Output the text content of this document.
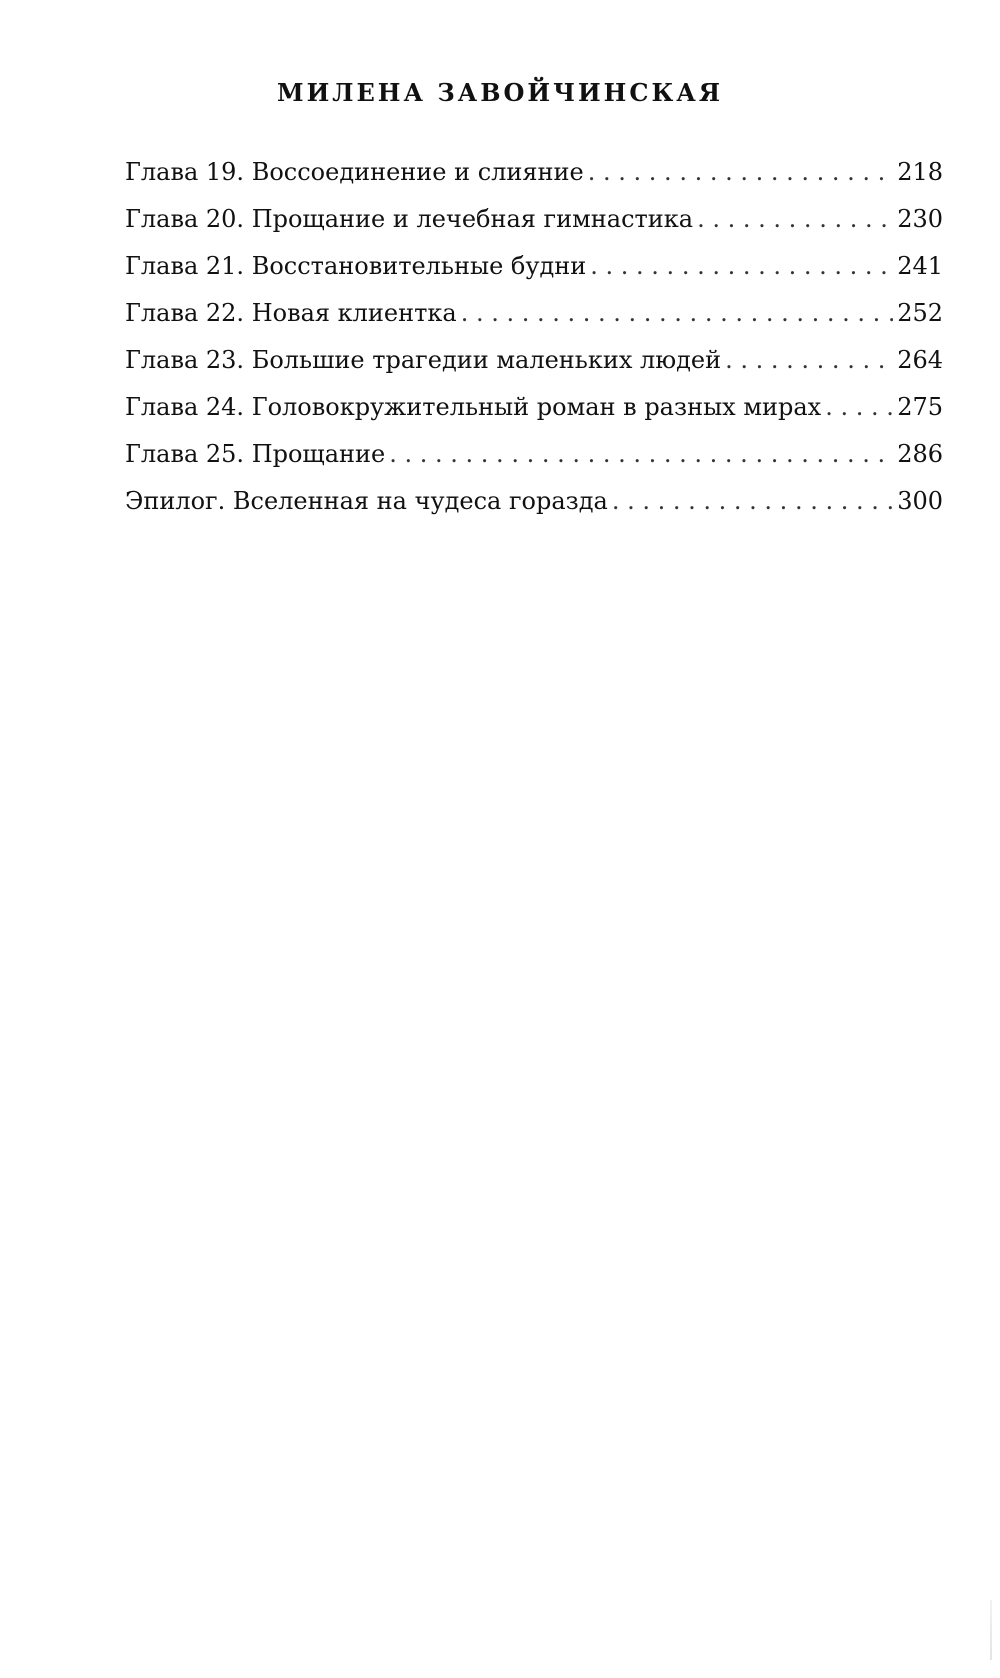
МИЛЕНА ЗАВОЙЧИНСКАЯ
Глава 19. Воссоединение и слияние . . .	218
Глава 20. Прощание и лечебная гимнастика . . .	230
Глава 21. Восстановительные будни . . .	241
Глава 22. Новая клиентка . . .	252
Глава 23. Большие трагедии маленьких людей . . .	264
Глава 24. Головокружительный роман в разных мирах . . .	275
Глава 25. Прощание . . .	286
Эпилог. Вселенная на чудеса горазда . . .	300
